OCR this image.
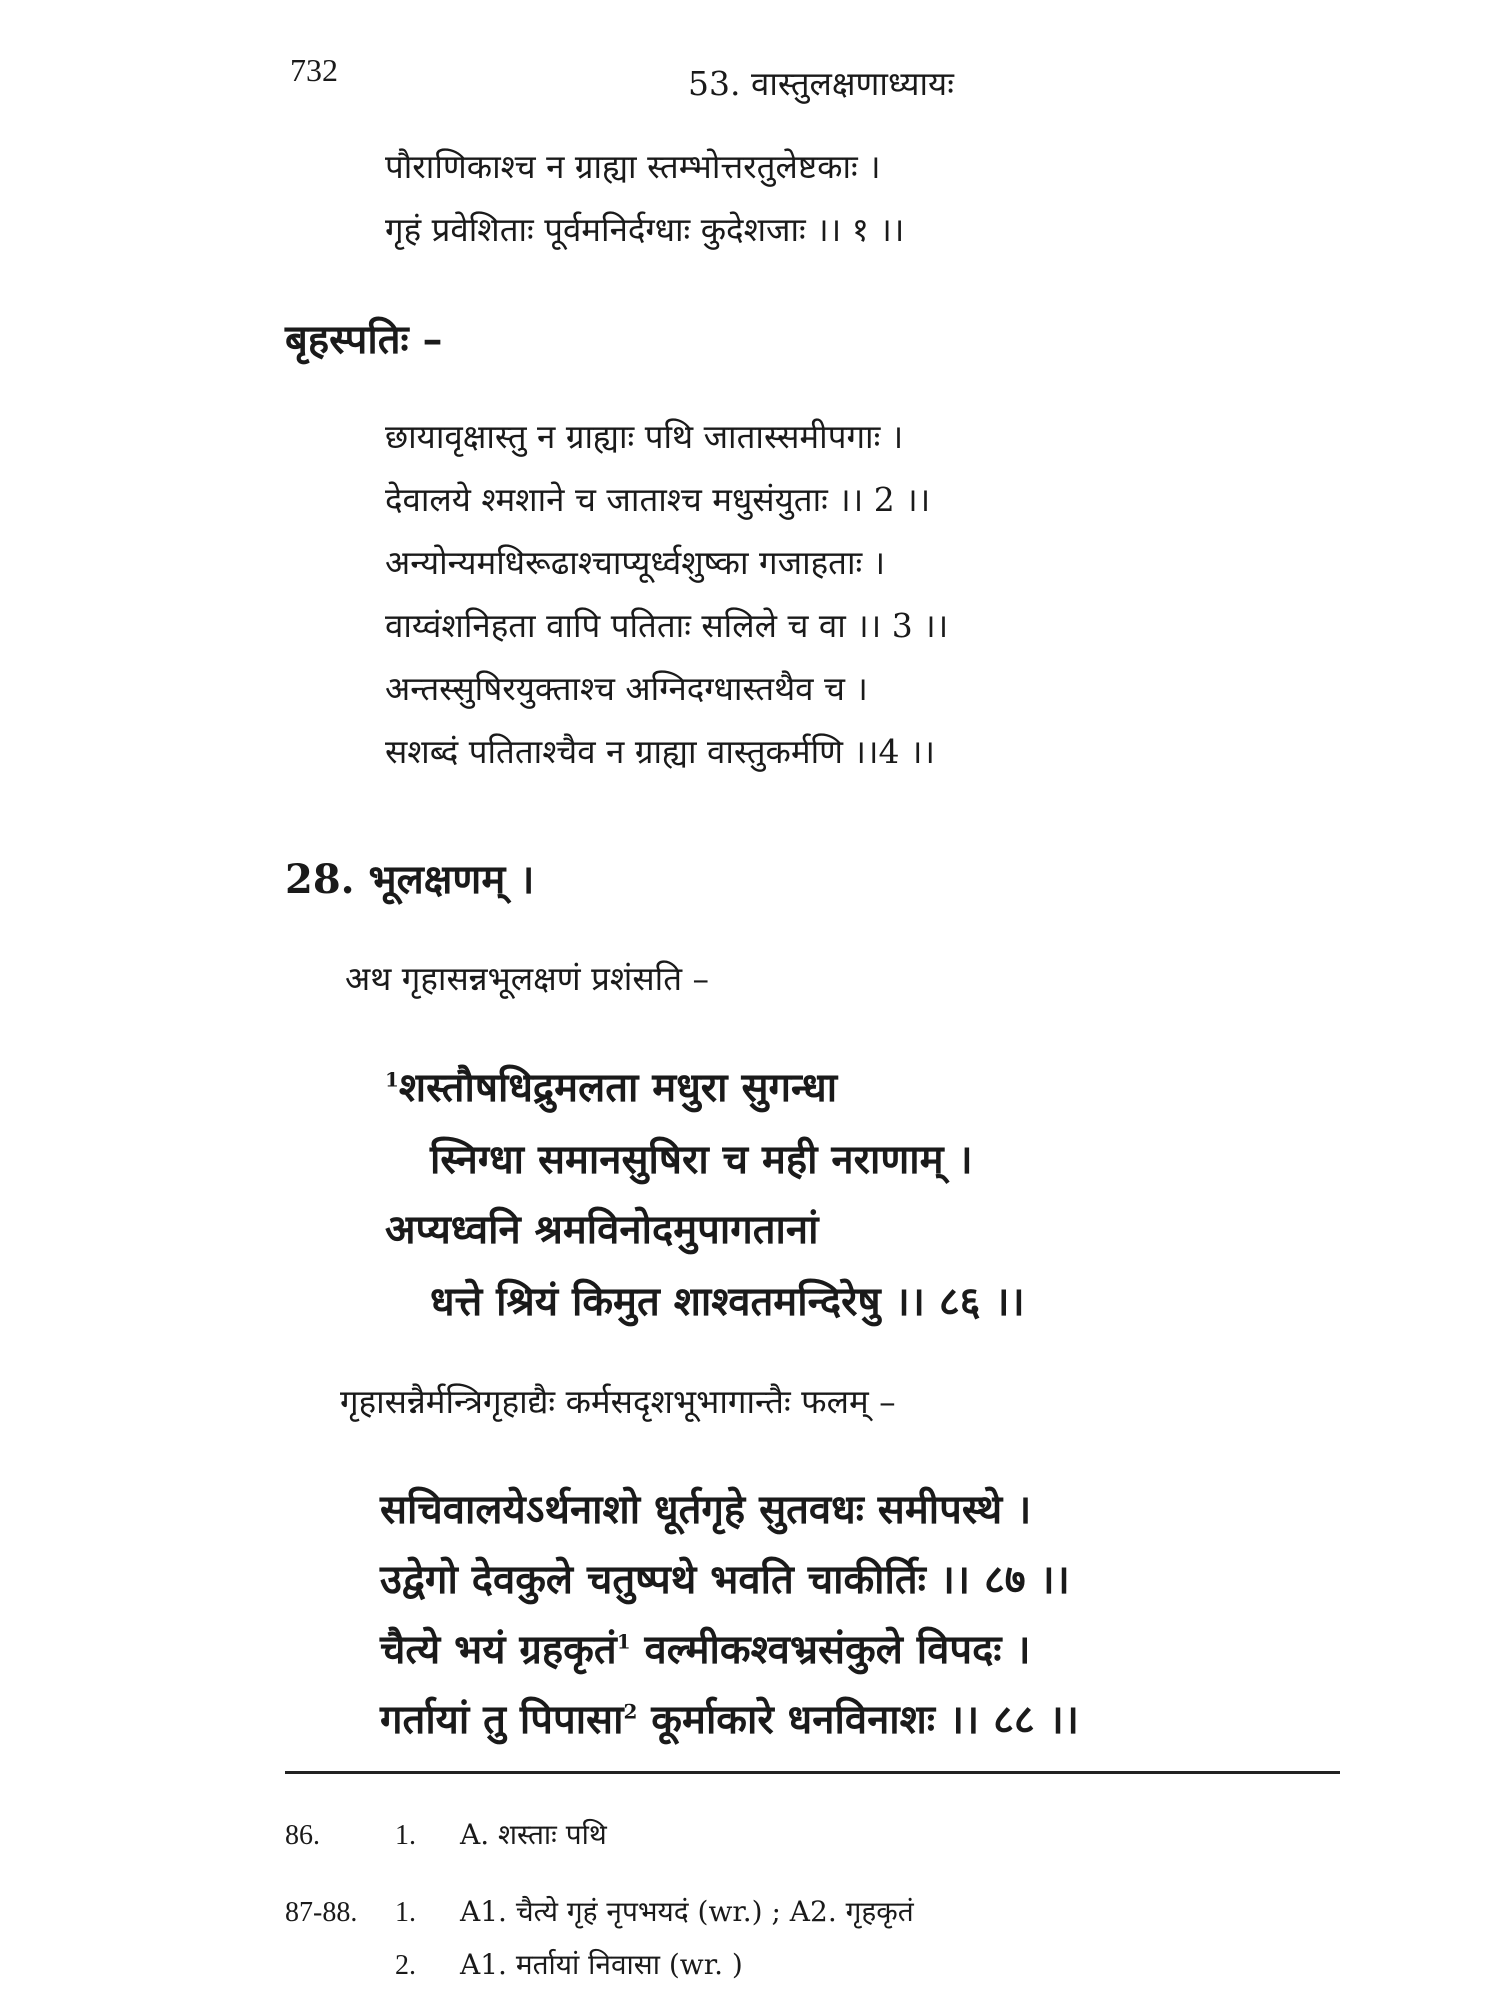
732	53. वास्तुलक्षणाध्यायः
पौराणिकाश्च न ग्राह्या स्तम्भोत्तरतुलेष्टकाः ।
गृहं प्रवेशिताः पूर्वमनिर्दग्धाः कुदेशजाः ।। १ ।।
बृहस्पतिः –
छायावृक्षास्तु न ग्राह्याः पथि जातास्समीपगाः ।
देवालये श्मशाने च जाताश्च मधुसंयुताः ।। 2 ।।
अन्योन्यमधिरूढाश्चाप्यूर्ध्वशुष्का गजाहताः ।
वाय्वंशनिहता वापि पतिताः सलिले च वा ।। 3 ।।
अन्तस्सुषिरयुक्ताश्च अग्निदग्धास्तथैव च ।
सशब्दं पतिताश्चैव न ग्राह्या वास्तुकर्मणि ।।4 ।।
28. भूलक्षणम् ।
अथ गृहासन्नभूलक्षणं प्रशंसति –
$^1$शस्तौषधिद्रुमलता मधुरा सुगन्धा
स्निग्धा समानसुषिरा च मही नराणाम् ।
अप्यध्वनि श्रमविनोदमुपागतानां
धत्ते श्रियं किमुत शाश्वतमन्दिरेषु ।। ८६ ।।
गृहासन्नैर्मन्त्रिगृहाद्यैः कर्मसदृशभूभागान्तैः फलम् –
सचिवालयेऽर्थनाशो धूर्तगृहे सुतवधः समीपस्थे ।
उद्वेगो देवकुले चतुष्पथे भवति चाकीर्तिः ।। ८७ ।।
चैत्ये भयं ग्रहकृतं$^1$ वल्मीकश्वभ्रसंकुले विपदः ।
गर्तायां तु पिपासा$^2$ कूर्माकारे धनविनाशः ।। ८८ ।।
86.	1. A. शस्ताः पथि
87-88. 1. A1. चैत्ये गृहं नृपभयदं (wr.) ; A2. गृहकृतं
2. A1. मर्तायां निवासा (wr. )
